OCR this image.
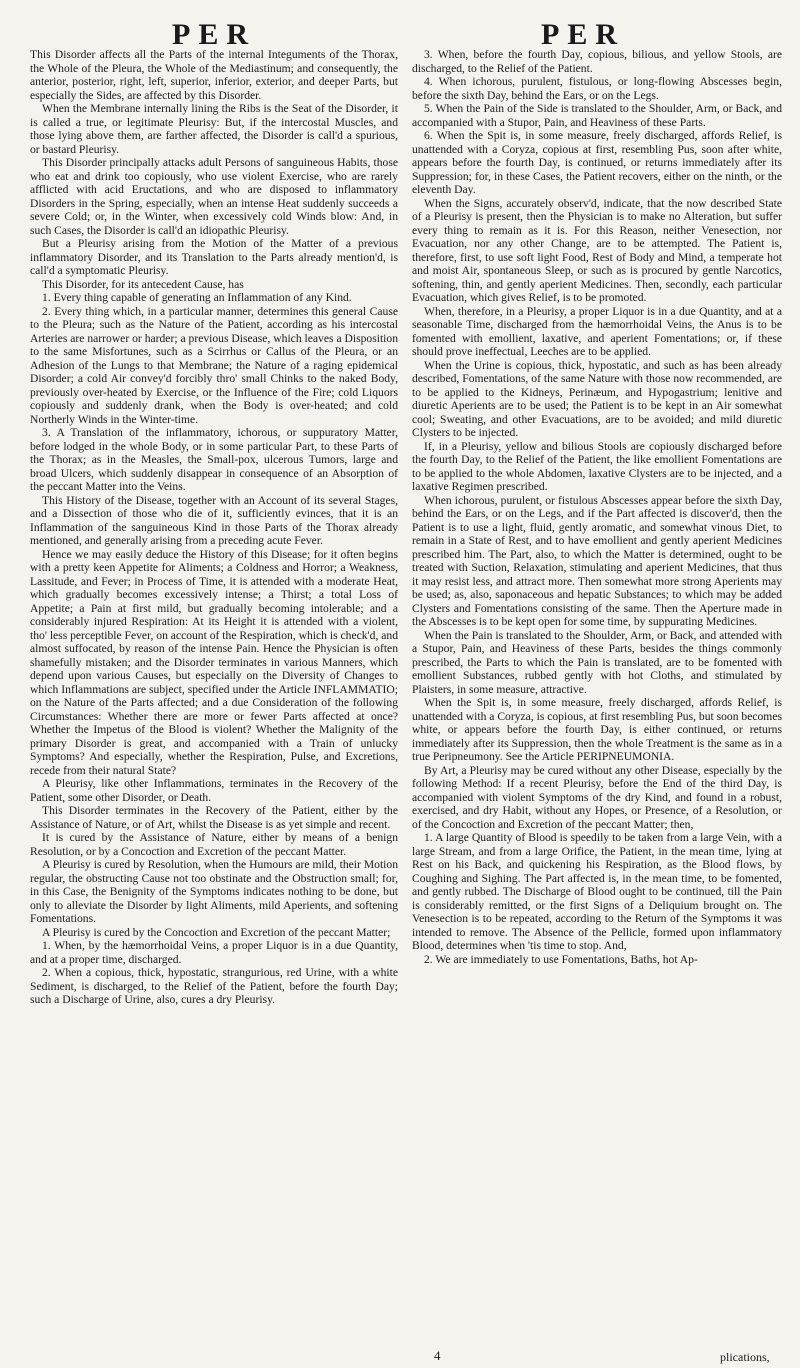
PER	PER

This Disorder affects all the Parts of the internal Integuments of the Thorax, the Whole of the Pleura, the Whole of the Mediastinum; and consequently, the anterior, posterior, right, left, superior, inferior, exterior, and deeper Parts, but especially the Sides, are affected by this Disorder.

When the Membrane internally lining the Ribs is the Seat of the Disorder, it is called a true, or legitimate Pleurisy: But, if the intercostal Muscles, and those lying above them, are farther affected, the Disorder is call'd a spurious, or bastard Pleurisy.

This Disorder principally attacks adult Persons of sanguineous Habits, those who eat and drink too copiously, who use violent Exercise, who are rarely afflicted with acid Eructations, and who are disposed to inflammatory Disorders in the Spring, especially, when an intense Heat suddenly succeeds a severe Cold; or, in the Winter, when excessively cold Winds blow: And, in such Cases, the Disorder is call'd an idiopathic Pleurisy.

But a Pleurisy arising from the Motion of the Matter of a previous inflammatory Disorder, and its Translation to the Parts already mention'd, is call'd a symptomatic Pleurisy.

This Disorder, for its antecedent Cause, has

1. Every thing capable of generating an Inflammation of any Kind.

2. Every thing which, in a particular manner, determines this general Cause to the Pleura; such as the Nature of the Patient, according as his intercostal Arteries are narrower or harder; a previous Disease, which leaves a Disposition to the same Misfortunes, such as a Scirrhus or Callus of the Pleura, or an Adhesion of the Lungs to that Membrane; the Nature of a raging epidemical Disorder; a cold Air convey'd forcibly thro' small Chinks to the naked Body, previously over-heated by Exercise, or the Influence of the Fire; cold Liquors copiously and suddenly drank, when the Body is over-heated; and cold Northerly Winds in the Winter-time.

3. A Translation of the inflammatory, ichorous, or suppuratory Matter, before lodged in the whole Body, or in some particular Part, to these Parts of the Thorax; as in the Measles, the Small-pox, ulcerous Tumors, large and broad Ulcers, which suddenly disappear in consequence of an Absorption of the peccant Matter into the Veins.

This History of the Disease, together with an Account of its several Stages, and a Dissection of those who die of it, sufficiently evinces, that it is an Inflammation of the sanguineous Kind in those Parts of the Thorax already mentioned, and generally arising from a preceding acute Fever.

Hence we may easily deduce the History of this Disease; for it often begins with a pretty keen Appetite for Aliments; a Coldness and Horror; a Weakness, Lassitude, and Fever; in Process of Time, it is attended with a moderate Heat, which gradually becomes excessively intense; a Thirst; a total Loss of Appetite; a Pain at first mild, but gradually becoming intolerable; and a considerably injured Respiration: At its Height it is attended with a violent, tho' less perceptible Fever, on account of the Respiration, which is check'd, and almost suffocated, by reason of the intense Pain. Hence the Physician is often shamefully mistaken; and the Disorder terminates in various Manners, which depend upon various Causes, but especially on the Diversity of Changes to which Inflammations are subject, specified under the Article INFLAMMATIO; on the Nature of the Parts affected; and a due Consideration of the following Circumstances: Whether there are more or fewer Parts affected at once? Whether the Impetus of the Blood is violent? Whether the Malignity of the primary Disorder is great, and accompanied with a Train of unlucky Symptoms? And especially, whether the Respiration, Pulse, and Excretions, recede from their natural State?

A Pleurisy, like other Inflammations, terminates in the Recovery of the Patient, some other Disorder, or Death.

This Disorder terminates in the Recovery of the Patient, either by the Assistance of Nature, or of Art, whilst the Disease is as yet simple and recent.

It is cured by the Assistance of Nature, either by means of a benign Resolution, or by a Concoction and Excretion of the peccant Matter.

A Pleurisy is cured by Resolution, when the Humours are mild, their Motion regular, the obstructing Cause not too obstinate and the Obstruction small; for, in this Case, the Benignity of the Symptoms indicates nothing to be done, but only to alleviate the Disorder by light Aliments, mild Aperients, and softening Fomentations.

A Pleurisy is cured by the Concoction and Excretion of the peccant Matter;

1. When, by the hæmorrhoidal Veins, a proper Liquor is in a due Quantity, and at a proper time, discharged.

2. When a copious, thick, hypostatic, strangurious, red Urine, with a white Sediment, is discharged, to the Relief of the Patient, before the fourth Day; such a Discharge of Urine, also, cures a dry Pleurisy.

3. When, before the fourth Day, copious, bilious, and yellow Stools, are discharged, to the Relief of the Patient.

4. When ichorous, purulent, fistulous, or long-flowing Abscesses begin, before the sixth Day, behind the Ears, or on the Legs.

5. When the Pain of the Side is translated to the Shoulder, Arm, or Back, and accompanied with a Stupor, Pain, and Heaviness of these Parts.

6. When the Spit is, in some measure, freely discharged, affords Relief, is unattended with a Coryza, copious at first, resembling Pus, soon after white, appears before the fourth Day, is continued, or returns immediately after its Suppression; for, in these Cases, the Patient recovers, either on the ninth, or the eleventh Day.

When the Signs, accurately observ'd, indicate, that the now described State of a Pleurisy is present, then the Physician is to make no Alteration, but suffer every thing to remain as it is. For this Reason, neither Venesection, nor Evacuation, nor any other Change, are to be attempted. The Patient is, therefore, first, to use soft light Food, Rest of Body and Mind, a temperate hot and moist Air, spontaneous Sleep, or such as is procured by gentle Narcotics, softening, thin, and gently aperient Medicines. Then, secondly, each particular Evacuation, which gives Relief, is to be promoted.

When, therefore, in a Pleurisy, a proper Liquor is in a due Quantity, and at a seasonable Time, discharged from the hæmorrhoidal Veins, the Anus is to be fomented with emollient, laxative, and aperient Fomentations; or, if these should prove ineffectual, Leeches are to be applied.

When the Urine is copious, thick, hypostatic, and such as has been already described, Fomentations, of the same Nature with those now recommended, are to be applied to the Kidneys, Perinæum, and Hypogastrium; lenitive and diuretic Aperients are to be used; the Patient is to be kept in an Air somewhat cool; Sweating, and other Evacuations, are to be avoided; and mild diuretic Clysters to be injected.

If, in a Pleurisy, yellow and bilious Stools are copiously discharged before the fourth Day, to the Relief of the Patient, the like emollient Fomentations are to be applied to the whole Abdomen, laxative Clysters are to be injected, and a laxative Regimen prescribed.

When ichorous, purulent, or fistulous Abscesses appear before the sixth Day, behind the Ears, or on the Legs, and if the Part affected is discover'd, then the Patient is to use a light, fluid, gently aromatic, and somewhat vinous Diet, to remain in a State of Rest, and to have emollient and gently aperient Medicines prescribed him. The Part, also, to which the Matter is determined, ought to be treated with Suction, Relaxation, stimulating and aperient Medicines, that thus it may resist less, and attract more. Then somewhat more strong Aperients may be used; as, also, saponaceous and hepatic Substances; to which may be added Clysters and Fomentations consisting of the same. Then the Aperture made in the Abscesses is to be kept open for some time, by suppurating Medicines.

When the Pain is translated to the Shoulder, Arm, or Back, and attended with a Stupor, Pain, and Heaviness of these Parts, besides the things commonly prescribed, the Parts to which the Pain is translated, are to be fomented with emollient Substances, rubbed gently with hot Cloths, and stimulated by Plaisters, in some measure, attractive.

When the Spit is, in some measure, freely discharged, affords Relief, is unattended with a Coryza, is copious, at first resembling Pus, but soon becomes white, or appears before the fourth Day, is either continued, or returns immediately after its Suppression, then the whole Treatment is the same as in a true Peripneumony. See the Article PERIPNEUMONIA.

By Art, a Pleurisy may be cured without any other Disease, especially by the following Method: If a recent Pleurisy, before the End of the third Day, is accompanied with violent Symptoms of the dry Kind, and found in a robust, exercised, and dry Habit, without any Hopes, or Presence, of a Resolution, or of the Concoction and Excretion of the peccant Matter; then,

1. A large Quantity of Blood is speedily to be taken from a large Vein, with a large Stream, and from a large Orifice, the Patient, in the mean time, lying at Rest on his Back, and quickening his Respiration, as the Blood flows, by Coughing and Sighing. The Part affected is, in the mean time, to be fomented, and gently rubbed. The Discharge of Blood ought to be continued, till the Pain is considerably remitted, or the first Signs of a Deliquium brought on. The Venesection is to be repeated, according to the Return of the Symptoms it was intended to remove. The Absence of the Pellicle, formed upon inflammatory Blood, determines when 'tis time to stop. And,

2. We are immediately to use Fomentations, Baths, hot Ap-

4	plications,
